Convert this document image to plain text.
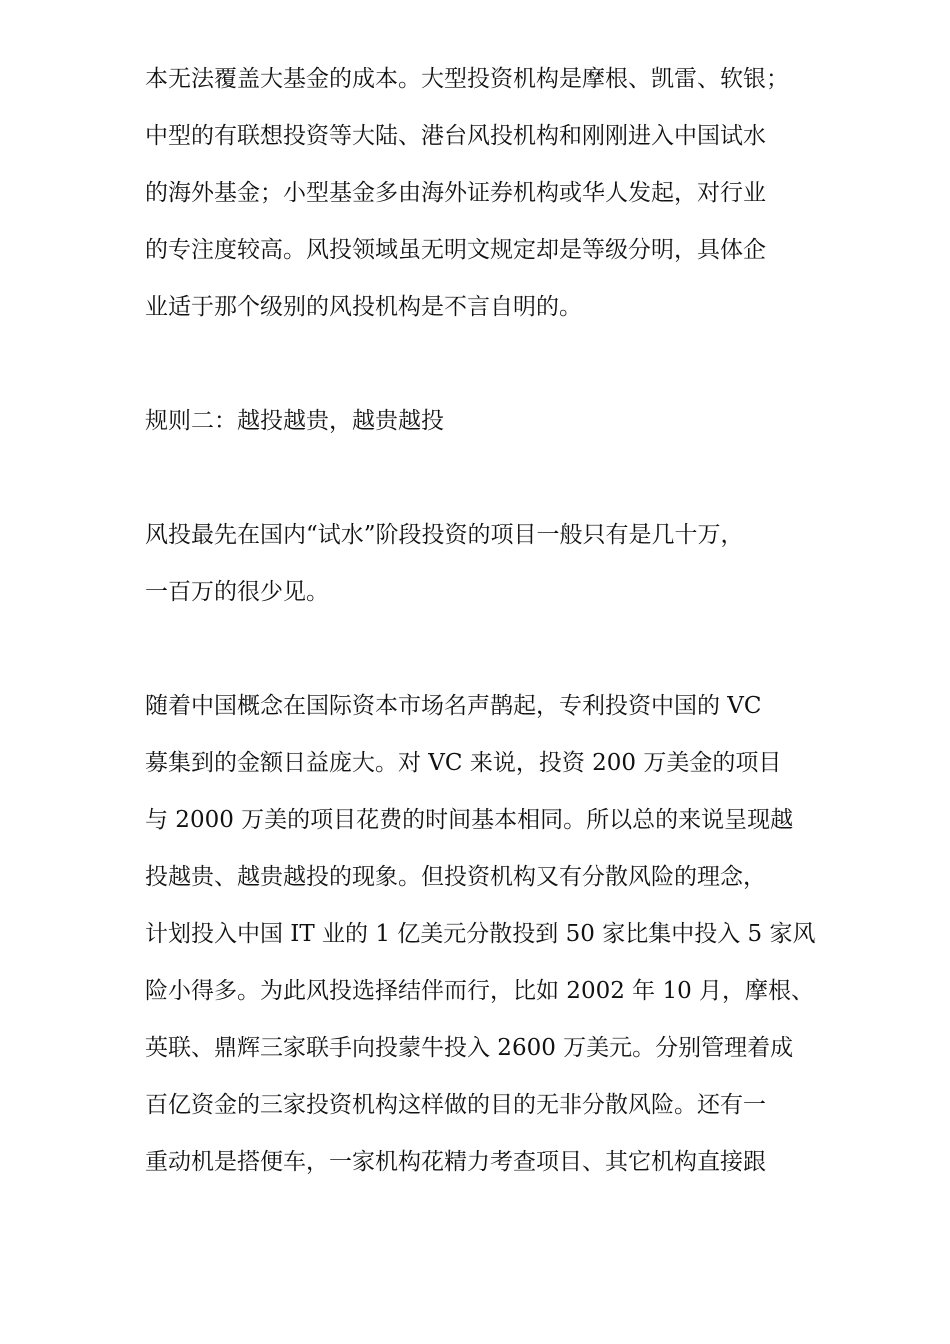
本无法覆盖大基金的成本。大型投资机构是摩根、凯雷、软银；
中型的有联想投资等大陆、港台风投机构和刚刚进入中国试水
的海外基金；小型基金多由海外证券机构或华人发起，对行业
的专注度较高。风投领域虽无明文规定却是等级分明，具体企
业适于那个级别的风投机构是不言自明的。
规则二：越投越贵，越贵越投
风投最先在国内“试水”阶段投资的项目一般只有是几十万，
一百万的很少见。
随着中国概念在国际资本市场名声鹊起，专利投资中国的 VC
募集到的金额日益庞大。对 VC 来说，投资 200 万美金的项目
与 2000 万美的项目花费的时间基本相同。所以总的来说呈现越
投越贵、越贵越投的现象。但投资机构又有分散风险的理念，
计划投入中国 IT 业的 1 亿美元分散投到 50 家比集中投入 5 家风
险小得多。为此风投选择结伴而行，比如 2002 年 10 月，摩根、
英联、鼎辉三家联手向投蒙牛投入 2600 万美元。分别管理着成
百亿资金的三家投资机构这样做的目的无非分散风险。还有一
重动机是搭便车，一家机构花精力考查项目、其它机构直接跟
